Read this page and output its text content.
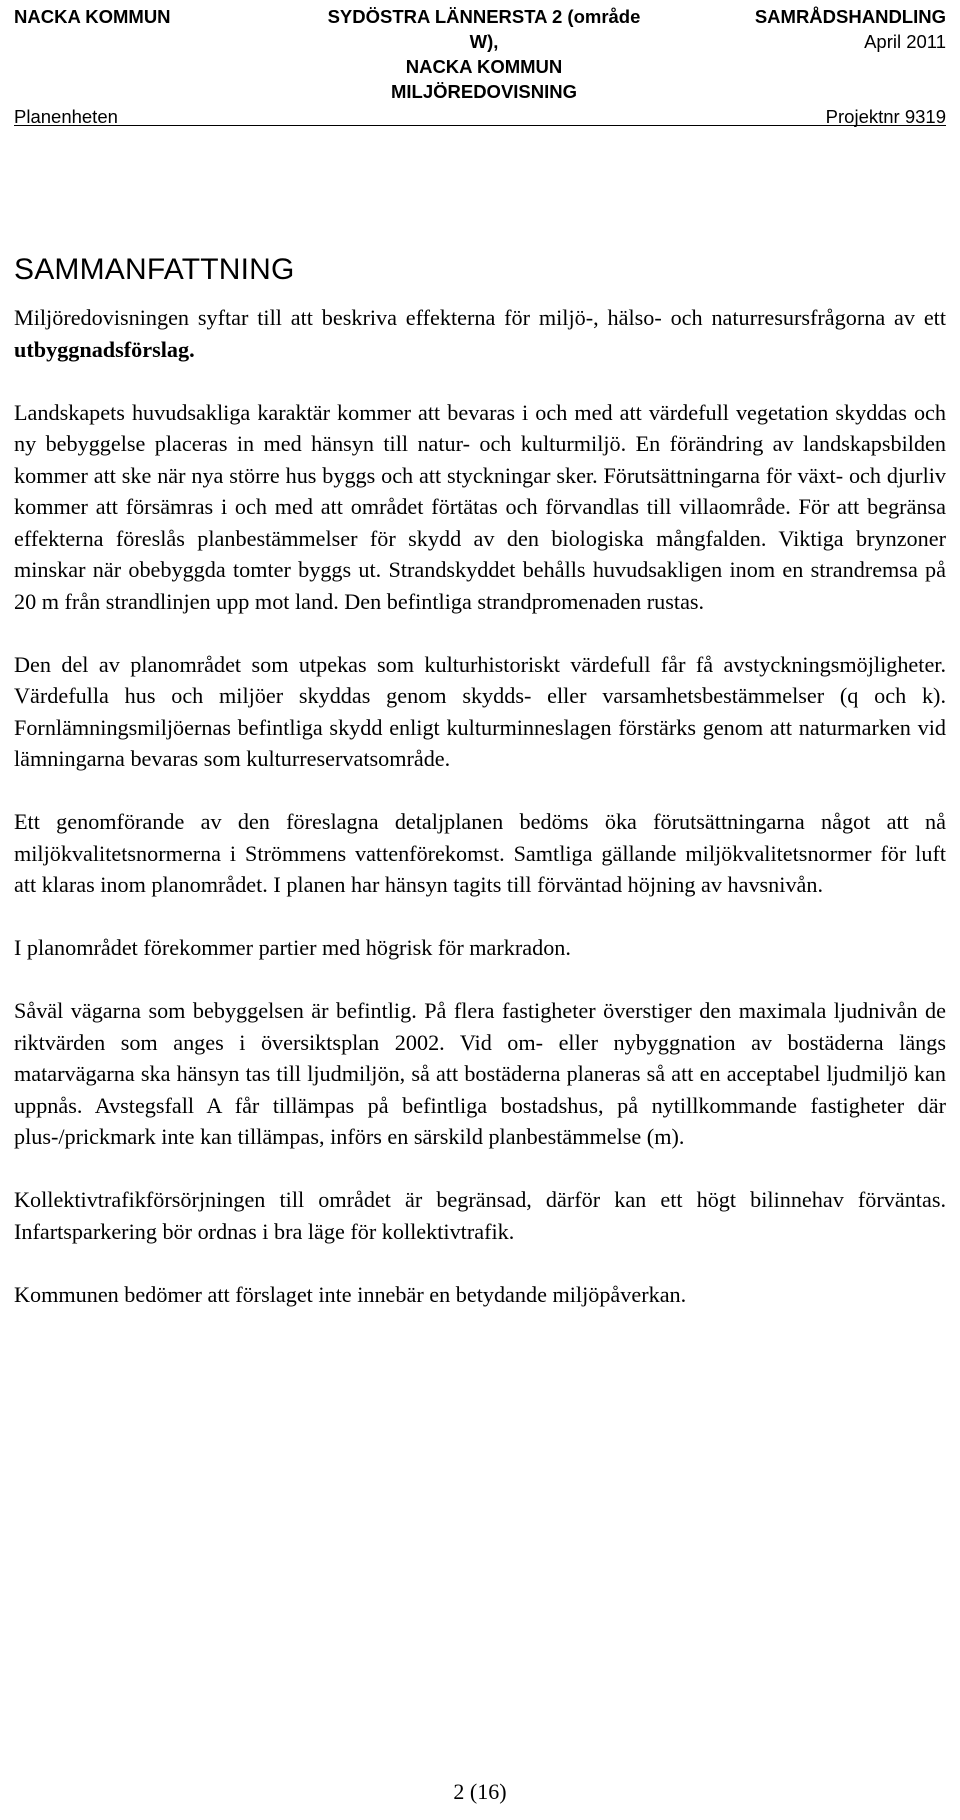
NACKA KOMMUN
Planenheten
SYDÖSTRA LÄNNERSTA 2 (område
W),
NACKA KOMMUN
MILJÖREDOVISNING
SAMRÅDSHANDLING
April 2011
Projektnr 9319
SAMMANFATTNING

Miljöredovisningen syftar till att beskriva effekterna för miljö-, hälso- och naturresursfrågorna av ett utbyggnadsförslag.

Landskapets huvudsakliga karaktär kommer att bevaras i och med att värdefull vegetation skyddas och ny bebyggelse placeras in med hänsyn till natur- och kulturmiljö. En förändring av landskapsbilden kommer att ske när nya större hus byggs och att styckningar sker. Förutsättningarna för växt- och djurliv kommer att försämras i och med att området förtätas och förvandlas till villaområde. För att begränsa effekterna föreslås planbestämmelser för skydd av den biologiska mångfalden. Viktiga brynzoner minskar när obebyggda tomter byggs ut. Strandskyddet behålls huvudsakligen inom en strandremsa på 20 m från strandlinjen upp mot land. Den befintliga strandpromenaden rustas.

Den del av planområdet som utpekas som kulturhistoriskt värdefull får få avstyckningsmöjligheter. Värdefulla hus och miljöer skyddas genom skydds- eller varsamhetsbestämmelser (q och k). Fornlämningsmiljöernas befintliga skydd enligt kulturminneslagen förstärks genom att naturmarken vid lämningarna bevaras som kulturreservatsområde.

Ett genomförande av den föreslagna detaljplanen bedöms öka förutsättningarna något att nå miljökvalitetsnormerna i Strömmens vattenförekomst. Samtliga gällande miljökvalitetsnormer för luft att klaras inom planområdet. I planen har hänsyn tagits till förväntad höjning av havsnivån.

I planområdet förekommer partier med högrisk för markradon.

Såväl vägarna som bebyggelsen är befintlig. På flera fastigheter överstiger den maximala ljudnivån de riktvärden som anges i översiktsplan 2002. Vid om- eller nybyggnation av bostäderna längs matarvägarna ska hänsyn tas till ljudmiljön, så att bostäderna planeras så att en acceptabel ljudmiljö kan uppnås. Avstegsfall A får tillämpas på befintliga bostadshus, på nytillkommande fastigheter där plus-/prickmark inte kan tillämpas, införs en särskild planbestämmelse (m).

Kollektivtrafikförsörjningen till området är begränsad, därför kan ett högt bilinnehav förväntas. Infartsparkering bör ordnas i bra läge för kollektivtrafik.

Kommunen bedömer att förslaget inte innebär en betydande miljöpåverkan.

2 (16)
